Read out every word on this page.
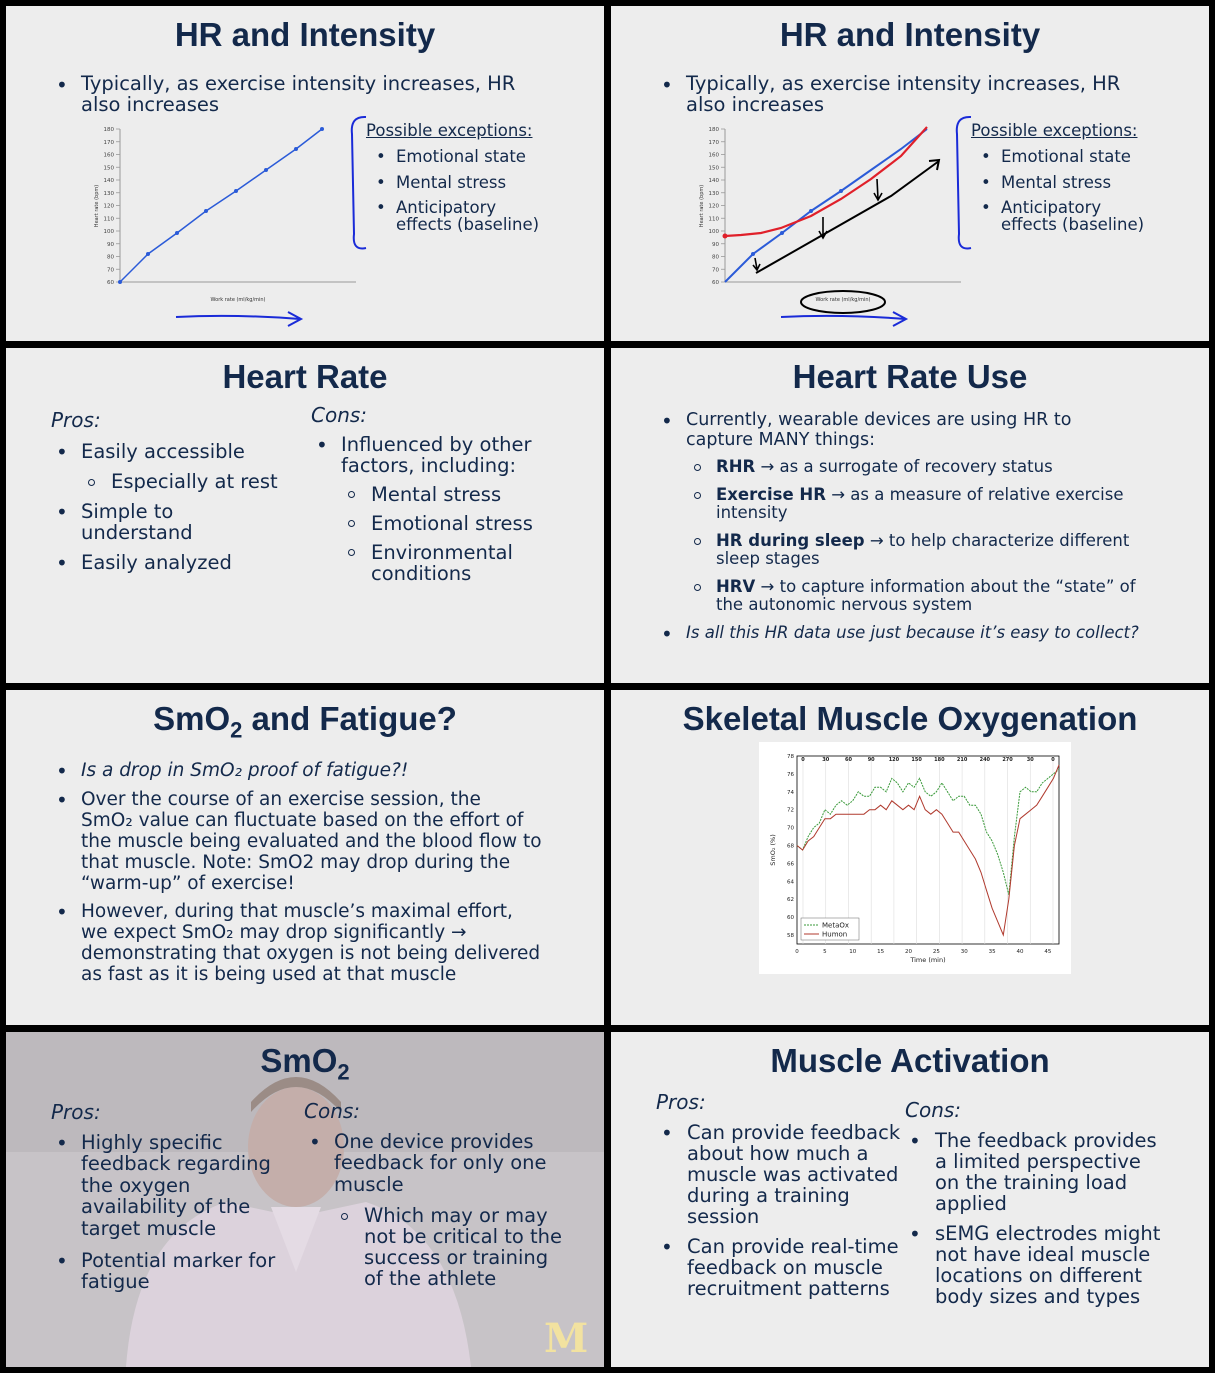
HR and Intensity
• Typically, as exercise intensity increases, HR
also increases
180
170
160
150
140
130
120
110
100
90
80
70
60
Heart rate (bpm)
Work rate (ml/kg/min)
Possible exceptions:
• Emotional state
• Mental stress
• Anticipatory
effects (baseline)
HR and Intensity
• Typically, as exercise intensity increases, HR
also increases
180
170
160
150
140
130
120
110
100
90
80
70
60
Heart rate (bpm)
Work rate (ml/kg/min)
Possible exceptions:
• Emotional state
• Mental stress
• Anticipatory
effects (baseline)
Heart Rate
Pros:	Cons:
• Easily accessible
Especially at rest
• Simple to
understand
• Easily analyzed
• Influenced by other
factors, including:
Mental stress
Emotional stress
Environmental
conditions
Heart Rate Use
• Currently, wearable devices are using HR to
capture MANY things:
RHR → as a surrogate of recovery status
Exercise HR → as a measure of relative exercise
intensity
HR during sleep → to help characterize different
sleep stages
HRV → to capture information about the “state” of
the autonomic nervous system
• Is all this HR data use just because it’s easy to collect?
SmO$_2$ and Fatigue?
• Is a drop in SmO₂ proof of fatigue?!
• Over the course of an exercise session, the
SmO₂ value can fluctuate based on the effort of
the muscle being evaluated and the blood flow to
that muscle. Note: SmO2 may drop during the
“warm-up” of exercise!
• However, during that muscle’s maximal effort,
we expect SmO₂ may drop significantly →
demonstrating that oxygen is not being delivered
as fast as it is being used at that muscle
Skeletal Muscle Oxygenation
0	30	60	90	120 150 180 210 240 270	30	0
58
60
62
64
66
68
70
72
74
76
78
0	5	10	15	20	25	30	35	40	45
Time (min)
SmO₂ (%)
MetaOx
Humon
SmO$_2$
Pros:	Cons:
• Highly specific
feedback regarding
the oxygen
availability of the
target muscle
• Potential marker for
fatigue
• One device provides
feedback for only one
muscle
Which may or may
not be critical to the
success or training
of the athlete
M
Muscle Activation
Pros:	Cons:
• Can provide feedback
about how much a
muscle was activated
during a training
session
• Can provide real-time
feedback on muscle
recruitment patterns
• The feedback provides
a limited perspective
on the training load
applied
• sEMG electrodes might
not have ideal muscle
locations on different
body sizes and types
